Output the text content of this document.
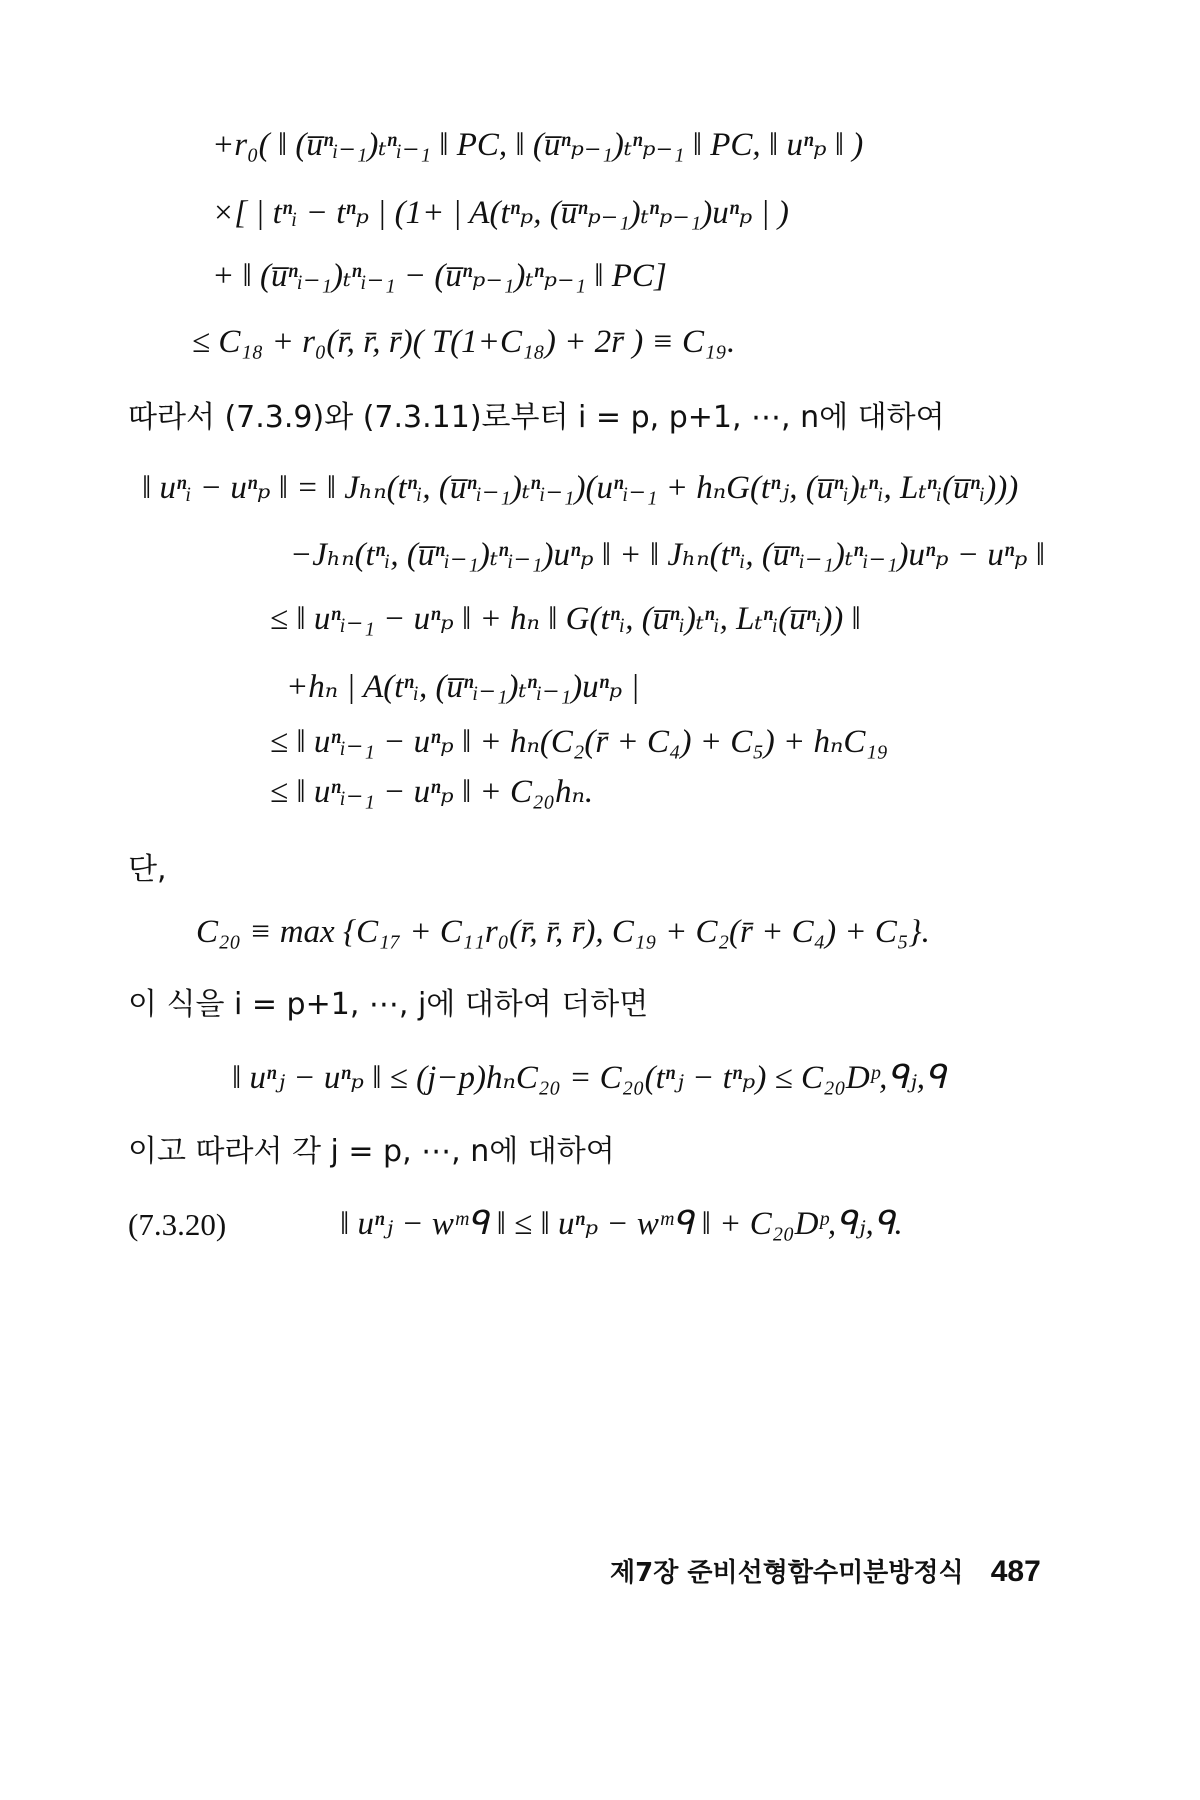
+r₀( ‖ (u̅ⁿᵢ₋₁)ₜⁿᵢ₋₁ ‖ PC, ‖ (u̅ⁿₚ₋₁)ₜⁿₚ₋₁ ‖ PC, ‖ uⁿₚ ‖ )
×[ | tⁿᵢ − tⁿₚ | (1+ | A(tⁿₚ, (u̅ⁿₚ₋₁)ₜⁿₚ₋₁)uⁿₚ | )
+ ‖ (u̅ⁿᵢ₋₁)ₜⁿᵢ₋₁ − (u̅ⁿₚ₋₁)ₜⁿₚ₋₁ ‖ PC]
≤ C₁₈ + r₀(r̄, r̄, r̄)( T(1+C₁₈) + 2r̄ ) ≡ C₁₉.
따라서 (7.3.9)와 (7.3.11)로부터 i = p, p+1, ⋯, n에 대하여
‖ uⁿᵢ − uⁿₚ ‖ = ‖ Jₕₙ(tⁿᵢ, (u̅ⁿᵢ₋₁)ₜⁿᵢ₋₁)(uⁿᵢ₋₁ + hₙG(tⁿⱼ, (u̅ⁿᵢ)ₜⁿᵢ, Lₜⁿᵢ(u̅ⁿᵢ)))
−Jₕₙ(tⁿᵢ, (u̅ⁿᵢ₋₁)ₜⁿᵢ₋₁)uⁿₚ ‖ + ‖ Jₕₙ(tⁿᵢ, (u̅ⁿᵢ₋₁)ₜⁿᵢ₋₁)uⁿₚ − uⁿₚ ‖
≤ ‖ uⁿᵢ₋₁ − uⁿₚ ‖ + hₙ ‖ G(tⁿᵢ, (u̅ⁿᵢ)ₜⁿᵢ, Lₜⁿᵢ(u̅ⁿᵢ)) ‖
+hₙ | A(tⁿᵢ, (u̅ⁿᵢ₋₁)ₜⁿᵢ₋₁)uⁿₚ |
≤ ‖ uⁿᵢ₋₁ − uⁿₚ ‖ + hₙ(C₂(r̄ + C₄) + C₅) + hₙC₁₉
≤ ‖ uⁿᵢ₋₁ − uⁿₚ ‖ + C₂₀hₙ.
단,
C₂₀ ≡ max {C₁₇ + C₁₁r₀(r̄, r̄, r̄), C₁₉ + C₂(r̄ + C₄) + C₅}.
이 식을 i = p+1, ⋯, j에 대하여 더하면
‖ uⁿⱼ − uⁿₚ ‖ ≤ (j−p)hₙC₂₀ = C₂₀(tⁿⱼ − tⁿₚ) ≤ C₂₀Dᵖ,ᑫⱼ,ᑫ
이고 따라서 각 j = p, ⋯, n에 대하여
(7.3.20)	‖ uⁿⱼ − wᵐᑫ ‖ ≤ ‖ uⁿₚ − wᵐᑫ ‖ + C₂₀Dᵖ,ᑫⱼ,ᑫ.
제7장 준비선형함수미분방정식 487
